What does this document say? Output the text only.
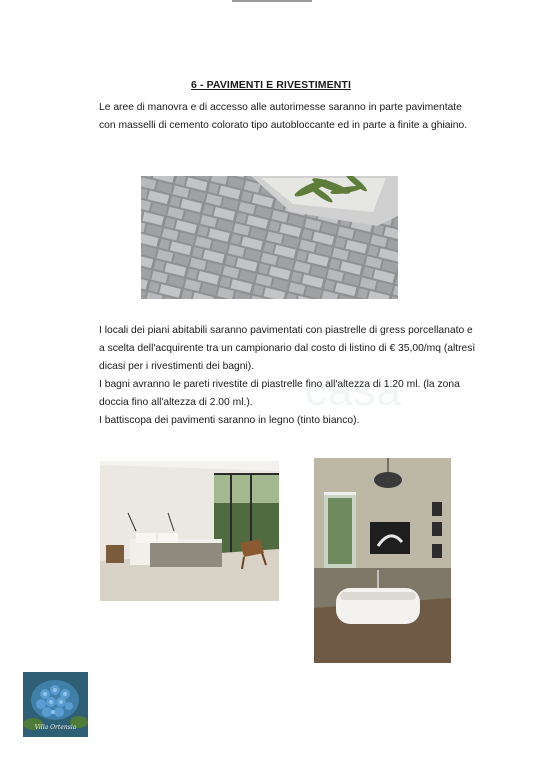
6 - PAVIMENTI E RIVESTIMENTI

Le aree di manovra e di accesso alle autorimesse saranno in parte pavimentate con masselli di cemento colorato tipo autobloccante ed in parte a finite a ghiaino.

I locali dei piani abitabili saranno pavimentati con piastrelle di gress porcellanato e a scelta dell'acquirente tra un campionario dal costo di listino di € 35,00/mq (altresì dicasi per i rivestimenti dei bagni).
I bagni avranno le pareti rivestite di piastrelle fino all'altezza di 1.20 ml. (la zona doccia fino all'altezza di 2.00 ml.).
I battiscopa dei pavimenti saranno in legno (tinto bianco).
casa
Villa Ortensia
